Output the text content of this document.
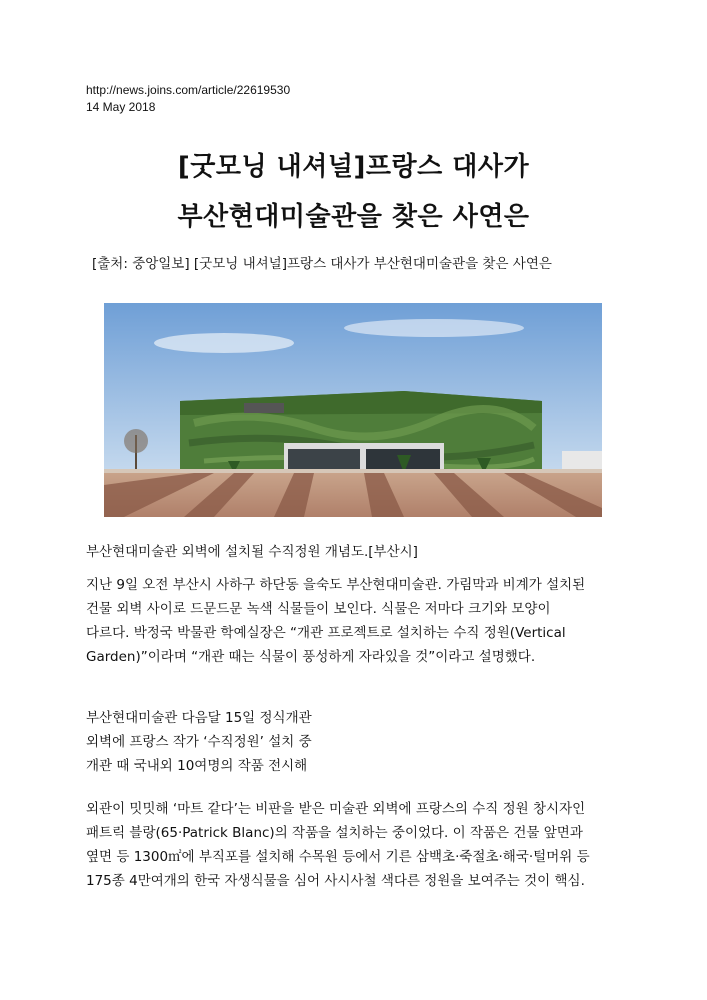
http://news.joins.com/article/22619530
14 May 2018
[굿모닝 내셔널]프랑스 대사가
부산현대미술관을 찾은 사연은
[출처: 중앙일보] [굿모닝 내셔널]프랑스 대사가 부산현대미술관을 찾은 사연은
부산현대미술관 외벽에 설치될 수직정원 개념도.[부산시]
지난 9일 오전 부산시 사하구 하단동 을숙도 부산현대미술관. 가림막과 비계가 설치된
건물 외벽 사이로 드문드문 녹색 식물들이 보인다. 식물은 저마다 크기와 모양이
다르다. 박정국 박물관 학예실장은 “개관 프로젝트로 설치하는 수직 정원(Vertical
Garden)”이라며 “개관 때는 식물이 풍성하게 자라있을 것”이라고 설명했다.
부산현대미술관 다음달 15일 정식개관
외벽에 프랑스 작가 ‘수직정원’ 설치 중
개관 때 국내외 10여명의 작품 전시해
외관이 밋밋해 ‘마트 같다’는 비판을 받은 미술관 외벽에 프랑스의 수직 정원 창시자인
패트릭 블랑(65·Patrick Blanc)의 작품을 설치하는 중이었다. 이 작품은 건물 앞면과
옆면 등 1300㎡에 부직포를 설치해 수목원 등에서 기른 삼백초·죽절초·해국·털머위 등
175종 4만여개의 한국 자생식물을 심어 사시사철 색다른 정원을 보여주는 것이 핵심.
